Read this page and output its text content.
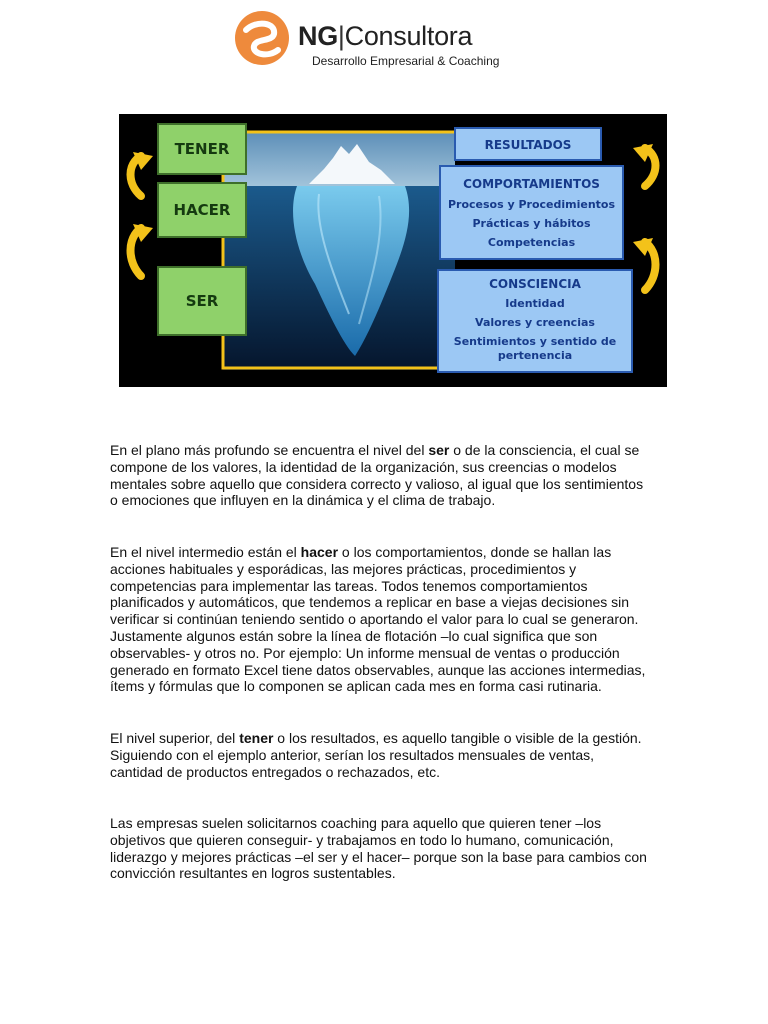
NG|Consultora
Desarrollo Empresarial & Coaching
TENER
HACER
SER
RESULTADOS
COMPORTAMIENTOS
Procesos y Procedimientos
Prácticas y hábitos
Competencias
CONSCIENCIA
Identidad
Valores y creencias
Sentimientos y sentido de
pertenencia

En el plano más profundo se encuentra el nivel del ser o de la consciencia, el cual se
compone de los valores, la identidad de la organización, sus creencias o modelos
mentales sobre aquello que considera correcto y valioso, al igual que los sentimientos
o emociones que influyen en la dinámica y el clima de trabajo.

En el nivel intermedio están el hacer o los comportamientos, donde se hallan las
acciones habituales y esporádicas, las mejores prácticas, procedimientos y
competencias para implementar las tareas. Todos tenemos comportamientos
planificados y automáticos, que tendemos a replicar en base a viejas decisiones sin
verificar si continúan teniendo sentido o aportando el valor para lo cual se generaron.
Justamente algunos están sobre la línea de flotación –lo cual significa que son
observables- y otros no. Por ejemplo: Un informe mensual de ventas o producción
generado en formato Excel tiene datos observables, aunque las acciones intermedias,
ítems y fórmulas que lo componen se aplican cada mes en forma casi rutinaria.

El nivel superior, del tener o los resultados, es aquello tangible o visible de la gestión.
Siguiendo con el ejemplo anterior, serían los resultados mensuales de ventas,
cantidad de productos entregados o rechazados, etc.

Las empresas suelen solicitarnos coaching para aquello que quieren tener –los
objetivos que quieren conseguir- y trabajamos en todo lo humano, comunicación,
liderazgo y mejores prácticas –el ser y el hacer– porque son la base para cambios con
convicción resultantes en logros sustentables.
